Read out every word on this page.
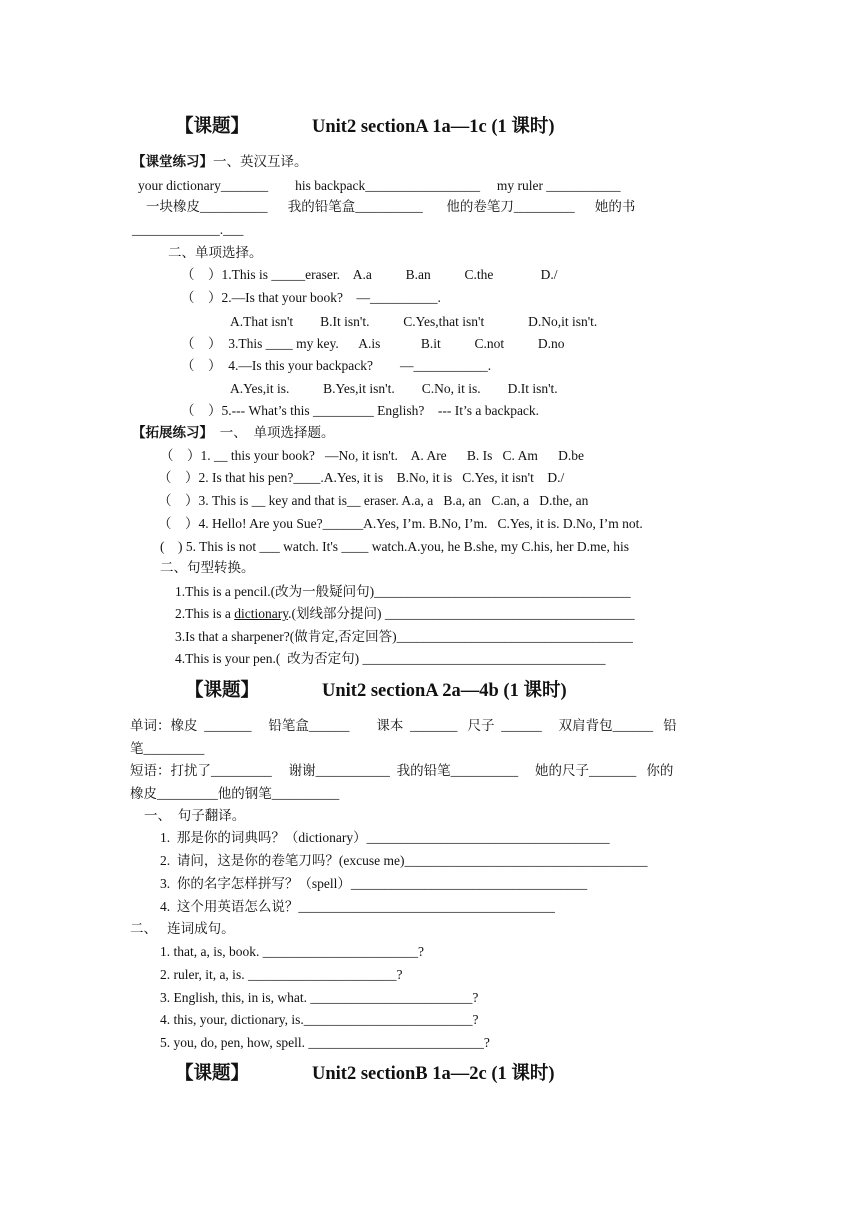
【课题】	Unit2 sectionA 1a—1c (1 课时)
【课堂练习】一、英汉互译。
your dictionary_______        his backpack_________________     my ruler ___________
一块橡皮__________      我的铅笔盒__________       他的卷笔刀_________      她的书
_____________.___
二、单项选择。
（    ）1.This is _____eraser.    A.a          B.an          C.the              D./
（    ）2.—Is that your book?    —__________.
A.That isn't        B.It isn't.          C.Yes,that isn't             D.No,it isn't.
（    ）  3.This ____ my key.      A.is            B.it          C.not          D.no
（    ）  4.—Is this your backpack?        —___________.
A.Yes,it is.          B.Yes,it isn't.        C.No, it is.        D.It isn't.
（    ）5.--- What’s this _________ English?    --- It’s a backpack.
【拓展练习】  一、  单项选择题。
（    ）1. __ this your book?   —No, it isn't.    A. Are      B. Is   C. Am      D.be
（    ）2. Is that his pen?____.A.Yes, it is    B.No, it is   C.Yes, it isn't    D./
（    ）3. This is __ key and that is__ eraser. A.a, a   B.a, an   C.an, a   D.the, an
（    ）4. Hello! Are you Sue?______A.Yes, I’m. B.No, I’m.   C.Yes, it is. D.No, I’m not.
(    ) 5. This is not ___ watch. It's ____ watch.A.you, he B.she, my C.his, her D.me, his
二、句型转换。
1.This is a pencil.(改为一般疑问句)______________________________________
2.This is a dictionary.(划线部分提问) _____________________________________
3.Is that a sharpener?(做肯定,否定回答)___________________________________
4.This is your pen.(  改为否定句) ____________________________________
【课题】	Unit2 sectionA 2a—4b (1 课时)
单词：橡皮  _______     铅笔盒______        课本  _______   尺子  ______     双肩背包______   铅
笔_________
短语：打扰了_________     谢谢___________  我的铅笔__________     她的尺子_______   你的
橡皮_________他的钢笔__________
一、  句子翻译。
1.  那是你的词典吗？（dictionary）____________________________________
2.  请问，这是你的卷笔刀吗？(excuse me)____________________________________
3.  你的名字怎样拼写？（spell）___________________________________
4.  这个用英语怎么说？______________________________________
二、   连词成句。
1. that, a, is, book. _______________________?
2. ruler, it, a, is. ______________________?
3. English, this, in is, what. ________________________?
4. this, your, dictionary, is._________________________?
5. you, do, pen, how, spell. __________________________?
【课题】	Unit2 sectionB 1a—2c (1 课时)
